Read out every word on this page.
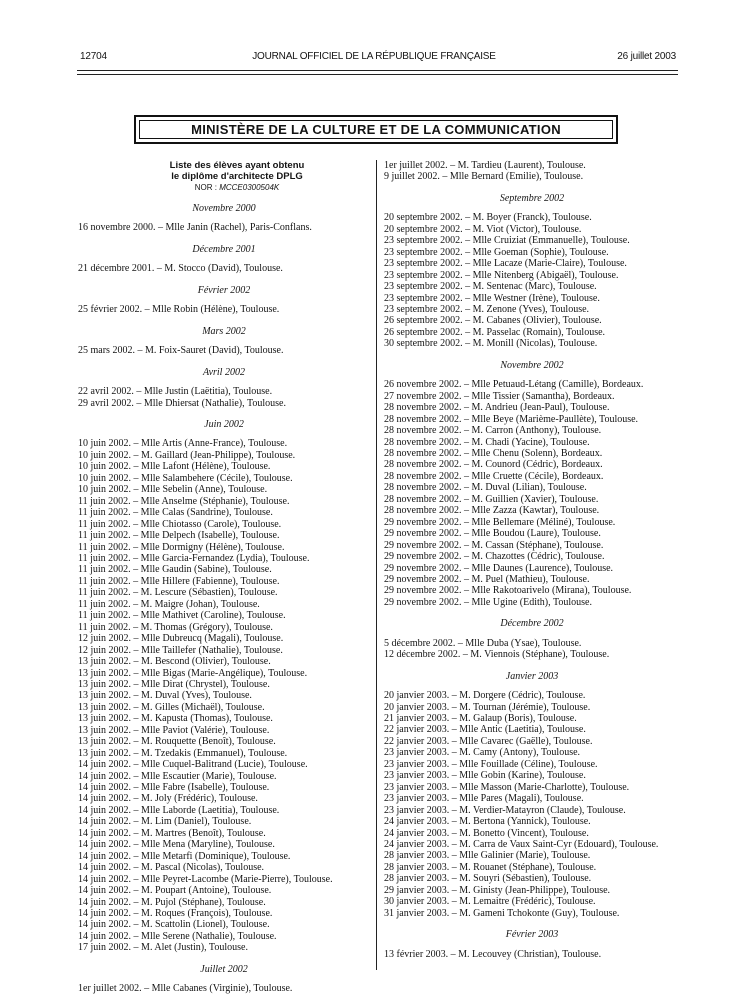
12704	JOURNAL OFFICIEL DE LA RÉPUBLIQUE FRANÇAISE	26 juillet 2003
MINISTÈRE DE LA CULTURE ET DE LA COMMUNICATION
Liste des élèves ayant obtenu
le diplôme d'architecte DPLG
NOR : MCCE0300504K
Novembre 2000
16 novembre 2000. – Mlle Janin (Rachel), Paris-Conflans.
Décembre 2001
21 décembre 2001. – M. Stocco (David), Toulouse.
Février 2002
25 février 2002. – Mlle Robin (Hélène), Toulouse.
Mars 2002
25 mars 2002. – M. Foix-Sauret (David), Toulouse.
Avril 2002
22 avril 2002. – Mlle Justin (Laëtitia), Toulouse.
29 avril 2002. – Mlle Dhiersat (Nathalie), Toulouse.
Juin 2002
10 juin 2002. – Mlle Artis (Anne-France), Toulouse.
10 juin 2002. – M. Gaillard (Jean-Philippe), Toulouse.
10 juin 2002. – Mlle Lafont (Hélène), Toulouse.
10 juin 2002. – Mlle Salambehere (Cécile), Toulouse.
10 juin 2002. – Mlle Sebelin (Anne), Toulouse.
11 juin 2002. – Mlle Anselme (Stéphanie), Toulouse.
11 juin 2002. – Mlle Calas (Sandrine), Toulouse.
11 juin 2002. – Mlle Chiotasso (Carole), Toulouse.
11 juin 2002. – Mlle Delpech (Isabelle), Toulouse.
11 juin 2002. – Mlle Dormigny (Hélène), Toulouse.
11 juin 2002. – Mlle Garcia-Fernandez (Lydia), Toulouse.
11 juin 2002. – Mlle Gaudin (Sabine), Toulouse.
11 juin 2002. – Mlle Hillere (Fabienne), Toulouse.
11 juin 2002. – M. Lescure (Sébastien), Toulouse.
11 juin 2002. – M. Maigre (Johan), Toulouse.
11 juin 2002. – Mlle Mathivet (Caroline), Toulouse.
11 juin 2002. – M. Thomas (Grégory), Toulouse.
12 juin 2002. – Mlle Dubreucq (Magali), Toulouse.
12 juin 2002. – Mlle Taillefer (Nathalie), Toulouse.
13 juin 2002. – M. Bescond (Olivier), Toulouse.
13 juin 2002. – Mlle Bigas (Marie-Angélique), Toulouse.
13 juin 2002. – Mlle Dirat (Chrystel), Toulouse.
13 juin 2002. – M. Duval (Yves), Toulouse.
13 juin 2002. – M. Gilles (Michaël), Toulouse.
13 juin 2002. – M. Kapusta (Thomas), Toulouse.
13 juin 2002. – Mlle Paviot (Valérie), Toulouse.
13 juin 2002. – M. Rouquette (Benoît), Toulouse.
13 juin 2002. – M. Tzedakis (Emmanuel), Toulouse.
14 juin 2002. – Mlle Cuquel-Balitrand (Lucie), Toulouse.
14 juin 2002. – Mlle Escautier (Marie), Toulouse.
14 juin 2002. – Mlle Fabre (Isabelle), Toulouse.
14 juin 2002. – M. Joly (Frédéric), Toulouse.
14 juin 2002. – Mlle Laborde (Laetitia), Toulouse.
14 juin 2002. – M. Lim (Daniel), Toulouse.
14 juin 2002. – M. Martres (Benoît), Toulouse.
14 juin 2002. – Mlle Mena (Maryline), Toulouse.
14 juin 2002. – Mlle Metarfi (Dominique), Toulouse.
14 juin 2002. – M. Pascal (Nicolas), Toulouse.
14 juin 2002. – Mlle Peyret-Lacombe (Marie-Pierre), Toulouse.
14 juin 2002. – M. Poupart (Antoine), Toulouse.
14 juin 2002. – M. Pujol (Stéphane), Toulouse.
14 juin 2002. – M. Roques (François), Toulouse.
14 juin 2002. – M. Scattolin (Lionel), Toulouse.
14 juin 2002. – Mlle Serene (Nathalie), Toulouse.
17 juin 2002. – M. Alet (Justin), Toulouse.
Juillet 2002
1er juillet 2002. – Mlle Cabanes (Virginie), Toulouse.
1er juillet 2002. – M. Tardieu (Laurent), Toulouse.
9 juillet 2002. – Mlle Bernard (Emilie), Toulouse.
Septembre 2002
20 septembre 2002. – M. Boyer (Franck), Toulouse.
20 septembre 2002. – M. Viot (Victor), Toulouse.
23 septembre 2002. – Mlle Cruiziat (Emmanuelle), Toulouse.
23 septembre 2002. – Mlle Goeman (Sophie), Toulouse.
23 septembre 2002. – Mlle Lacaze (Marie-Claire), Toulouse.
23 septembre 2002. – Mlle Nitenberg (Abigaël), Toulouse.
23 septembre 2002. – M. Sentenac (Marc), Toulouse.
23 septembre 2002. – Mlle Westner (Irène), Toulouse.
23 septembre 2002. – M. Zenone (Yves), Toulouse.
26 septembre 2002. – M. Cabanes (Olivier), Toulouse.
26 septembre 2002. – M. Passelac (Romain), Toulouse.
30 septembre 2002. – M. Monill (Nicolas), Toulouse.
Novembre 2002
26 novembre 2002. – Mlle Petuaud-Létang (Camille), Bordeaux.
27 novembre 2002. – Mlle Tissier (Samantha), Bordeaux.
28 novembre 2002. – M. Andrieu (Jean-Paul), Toulouse.
28 novembre 2002. – Mlle Beye (Marième-Paullète), Toulouse.
28 novembre 2002. – M. Carron (Anthony), Toulouse.
28 novembre 2002. – M. Chadi (Yacine), Toulouse.
28 novembre 2002. – Mlle Chenu (Solenn), Bordeaux.
28 novembre 2002. – M. Counord (Cédric), Bordeaux.
28 novembre 2002. – Mlle Cruette (Cécile), Bordeaux.
28 novembre 2002. – M. Duval (Lilian), Toulouse.
28 novembre 2002. – M. Guillien (Xavier), Toulouse.
28 novembre 2002. – Mlle Zazza (Kawtar), Toulouse.
29 novembre 2002. – Mlle Bellemare (Méliné), Toulouse.
29 novembre 2002. – Mlle Boudou (Laure), Toulouse.
29 novembre 2002. – M. Cassan (Stéphane), Toulouse.
29 novembre 2002. – M. Chazottes (Cédric), Toulouse.
29 novembre 2002. – Mlle Daunes (Laurence), Toulouse.
29 novembre 2002. – M. Puel (Mathieu), Toulouse.
29 novembre 2002. – Mlle Rakotoarivelo (Mirana), Toulouse.
29 novembre 2002. – Mlle Ugine (Edith), Toulouse.
Décembre 2002
5 décembre 2002. – Mlle Duba (Ysae), Toulouse.
12 décembre 2002. – M. Viennois (Stéphane), Toulouse.
Janvier 2003
20 janvier 2003. – M. Dorgere (Cédric), Toulouse.
20 janvier 2003. – M. Tournan (Jérémie), Toulouse.
21 janvier 2003. – M. Galaup (Boris), Toulouse.
22 janvier 2003. – Mlle Antic (Laetitia), Toulouse.
22 janvier 2003. – Mlle Cavarec (Gaëlle), Toulouse.
23 janvier 2003. – M. Camy (Antony), Toulouse.
23 janvier 2003. – Mlle Fouillade (Céline), Toulouse.
23 janvier 2003. – Mlle Gobin (Karine), Toulouse.
23 janvier 2003. – Mlle Masson (Marie-Charlotte), Toulouse.
23 janvier 2003. – Mlle Pares (Magali), Toulouse.
23 janvier 2003. – M. Verdier-Matayron (Claude), Toulouse.
24 janvier 2003. – M. Bertona (Yannick), Toulouse.
24 janvier 2003. – M. Bonetto (Vincent), Toulouse.
24 janvier 2003. – M. Carra de Vaux Saint-Cyr (Edouard), Toulouse.
28 janvier 2003. – Mlle Galinier (Marie), Toulouse.
28 janvier 2003. – M. Rouanet (Stéphane), Toulouse.
28 janvier 2003. – M. Souyri (Sébastien), Toulouse.
29 janvier 2003. – M. Ginisty (Jean-Philippe), Toulouse.
30 janvier 2003. – M. Lemaitre (Frédéric), Toulouse.
31 janvier 2003. – M. Gameni Tchokonte (Guy), Toulouse.
Février 2003
13 février 2003. – M. Lecouvey (Christian), Toulouse.
